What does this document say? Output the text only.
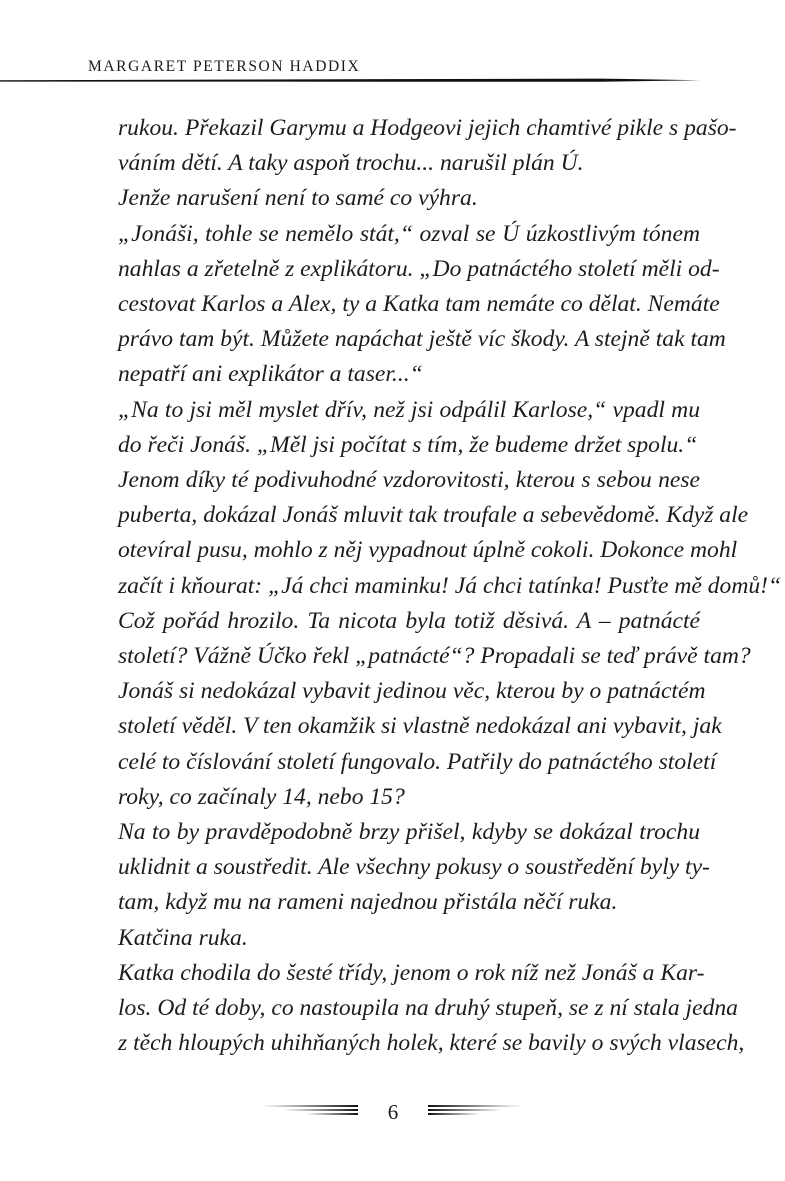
MARGARET PETERSON HADDIX
rukou. Překazil Garymu a Hodgeovi jejich chamtivé pikle s pašo-
váním dětí. A taky aspoň trochu... narušil plán Ú.
Jenže narušení není to samé co výhra.
„Jonáši, tohle se nemělo stát,“ ozval se Ú úzkostlivým tónem
nahlas a zřetelně z explikátoru. „Do patnáctého století měli od-
cestovat Karlos a Alex, ty a Katka tam nemáte co dělat. Nemáte
právo tam být. Můžete napáchat ještě víc škody. A stejně tak tam
nepatří ani explikátor a taser...“
„Na to jsi měl myslet dřív, než jsi odpálil Karlose,“ vpadl mu
do řeči Jonáš. „Měl jsi počítat s tím, že budeme držet spolu.“
Jenom díky té podivuhodné vzdorovitosti, kterou s sebou nese
puberta, dokázal Jonáš mluvit tak troufale a sebevědomě. Když ale
otevíral pusu, mohlo z něj vypadnout úplně cokoli. Dokonce mohl
začít i kňourat: „Já chci maminku! Já chci tatínka! Pusťte mě domů!“
Což pořád hrozilo. Ta nicota byla totiž děsivá. A – patnácté
století? Vážně Účko řekl „patnácté“? Propadali se teď právě tam?
Jonáš si nedokázal vybavit jedinou věc, kterou by o patnáctém
století věděl. V ten okamžik si vlastně nedokázal ani vybavit, jak
celé to číslování století fungovalo. Patřily do patnáctého století
roky, co začínaly 14, nebo 15?
Na to by pravděpodobně brzy přišel, kdyby se dokázal trochu
uklidnit a soustředit. Ale všechny pokusy o soustředění byly ty-
tam, když mu na rameni najednou přistála něčí ruka.
Katčina ruka.
Katka chodila do šesté třídy, jenom o rok níž než Jonáš a Kar-
los. Od té doby, co nastoupila na druhý stupeň, se z ní stala jedna
z těch hloupých uhihňaných holek, které se bavily o svých vlasech,
6
